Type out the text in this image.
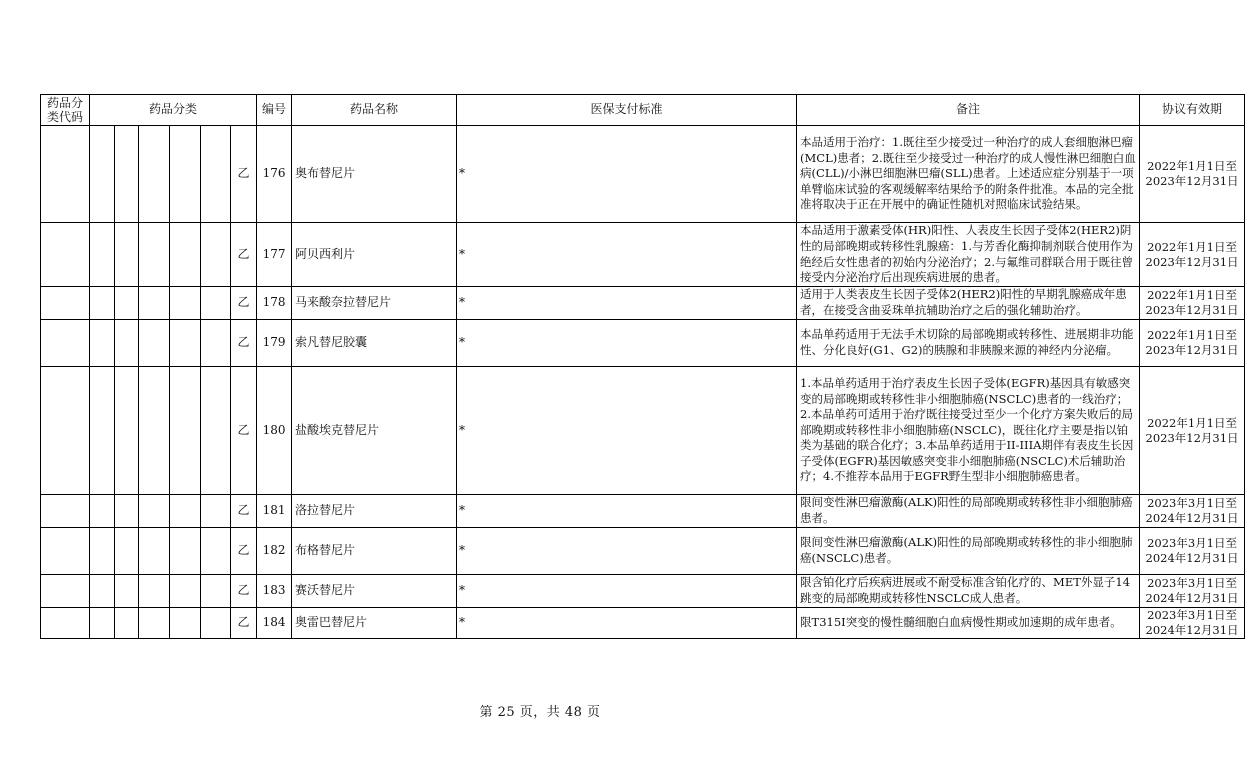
药品分类代码	药品分类						编号	药品名称	医保支付标准	备注	协议有效期
						乙	176	奥布替尼片	*	本品适用于治疗：1.既往至少接受过一种治疗的成人套细胞淋巴瘤(MCL)患者；2.既往至少接受过一种治疗的成人慢性淋巴细胞白血病(CLL)/小淋巴细胞淋巴瘤(SLL)患者。上述适应症分别基于一项单臂临床试验的客观缓解率结果给予的附条件批准。本品的完全批准将取决于正在开展中的确证性随机对照临床试验结果。	2022年1月1日至
2023年12月31日

						乙	177	阿贝西利片	*	本品适用于激素受体(HR)阳性、人表皮生长因子受体2(HER2)阴性的局部晚期或转移性乳腺癌：1.与芳香化酶抑制剂联合使用作为绝经后女性患者的初始内分泌治疗；2.与氟维司群联合用于既往曾接受内分泌治疗后出现疾病进展的患者。	2022年1月1日至
2023年12月31日

						乙	178	马来酸奈拉替尼片	*	适用于人类表皮生长因子受体2(HER2)阳性的早期乳腺癌成年患者，在接受含曲妥珠单抗辅助治疗之后的强化辅助治疗。	2022年1月1日至
2023年12月31日

						乙	179	索凡替尼胶囊	*	本品单药适用于无法手术切除的局部晚期或转移性、进展期非功能性、分化良好(G1、G2)的胰腺和非胰腺来源的神经内分泌瘤。	2022年1月1日至
2023年12月31日

						乙	180	盐酸埃克替尼片	*	1.本品单药适用于治疗表皮生长因子受体(EGFR)基因具有敏感突变的局部晚期或转移性非小细胞肺癌(NSCLC)患者的一线治疗；2.本品单药可适用于治疗既往接受过至少一个化疗方案失败后的局部晚期或转移性非小细胞肺癌(NSCLC)，既往化疗主要是指以铂类为基础的联合化疗；3.本品单药适用于II-IIIA期伴有表皮生长因子受体(EGFR)基因敏感突变非小细胞肺癌(NSCLC)术后辅助治疗；4.不推荐本品用于EGFR野生型非小细胞肺癌患者。	2022年1月1日至
2023年12月31日

						乙	181	洛拉替尼片	*	限间变性淋巴瘤激酶(ALK)阳性的局部晚期或转移性非小细胞肺癌患者。	2023年3月1日至
2024年12月31日

						乙	182	布格替尼片	*	限间变性淋巴瘤激酶(ALK)阳性的局部晚期或转移性的非小细胞肺癌(NSCLC)患者。	2023年3月1日至
2024年12月31日

						乙	183	赛沃替尼片	*	限含铂化疗后疾病进展或不耐受标准含铂化疗的、MET外显子14跳变的局部晚期或转移性NSCLC成人患者。	2023年3月1日至
2024年12月31日

						乙	184	奥雷巴替尼片	*	限T315I突变的慢性髓细胞白血病慢性期或加速期的成年患者。	2023年3月1日至
2024年12月31日
第 25 页，共 48 页
